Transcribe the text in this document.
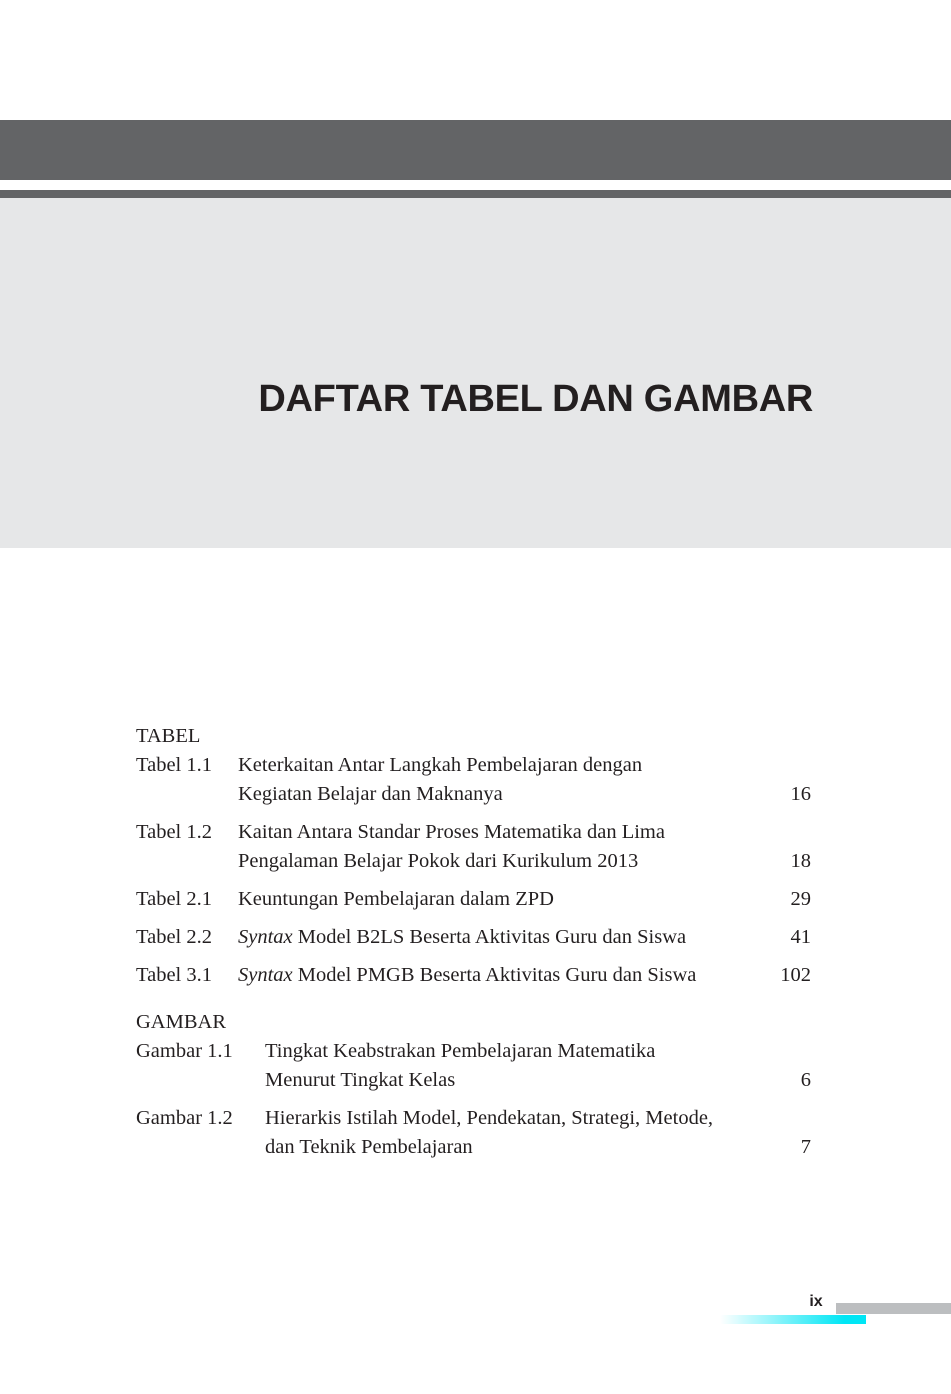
DAFTAR TABEL DAN GAMBAR
TABEL
Tabel 1.1	Keterkaitan Antar Langkah Pembelajaran dengan
Kegiatan Belajar dan Maknanya	16
Tabel 1.2	Kaitan Antara Standar Proses Matematika dan Lima
Pengalaman Belajar Pokok dari Kurikulum 2013	18
Tabel 2.1	Keuntungan Pembelajaran dalam ZPD	29
Tabel 2.2	Syntax Model B2LS Beserta Aktivitas Guru dan Siswa	41
Tabel 3.1	Syntax Model PMGB Beserta Aktivitas Guru dan Siswa	102
GAMBAR
Gambar 1.1	Tingkat Keabstrakan Pembelajaran Matematika
Menurut Tingkat Kelas	6
Gambar 1.2	Hierarkis Istilah Model, Pendekatan, Strategi, Metode,
dan Teknik Pembelajaran	7
ix
